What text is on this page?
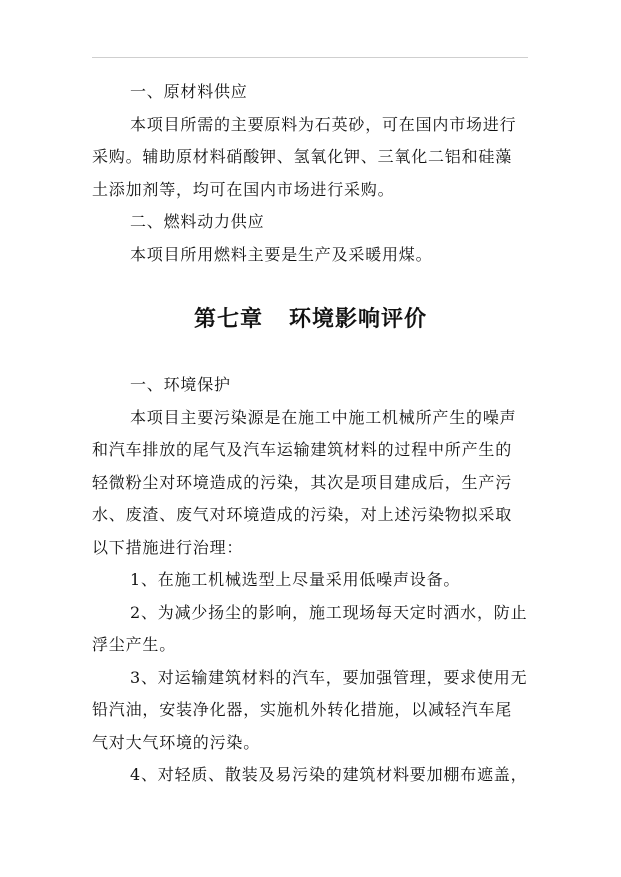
一、原材料供应
本项目所需的主要原料为石英砂，可在国内市场进行
采购。辅助原材料硝酸钾、氢氧化钾、三氧化二铝和硅藻
土添加剂等，均可在国内市场进行采购。
二、燃料动力供应
本项目所用燃料主要是生产及采暖用煤。
第七章 环境影响评价
一、环境保护
本项目主要污染源是在施工中施工机械所产生的噪声
和汽车排放的尾气及汽车运输建筑材料的过程中所产生的
轻微粉尘对环境造成的污染，其次是项目建成后，生产污
水、废渣、废气对环境造成的污染，对上述污染物拟采取
以下措施进行治理：
1、在施工机械选型上尽量采用低噪声设备。
2、为减少扬尘的影响，施工现场每天定时洒水，防止
浮尘产生。
3、对运输建筑材料的汽车，要加强管理，要求使用无
铅汽油，安装净化器，实施机外转化措施，以减轻汽车尾
气对大气环境的污染。
4、对轻质、散装及易污染的建筑材料要加棚布遮盖，
